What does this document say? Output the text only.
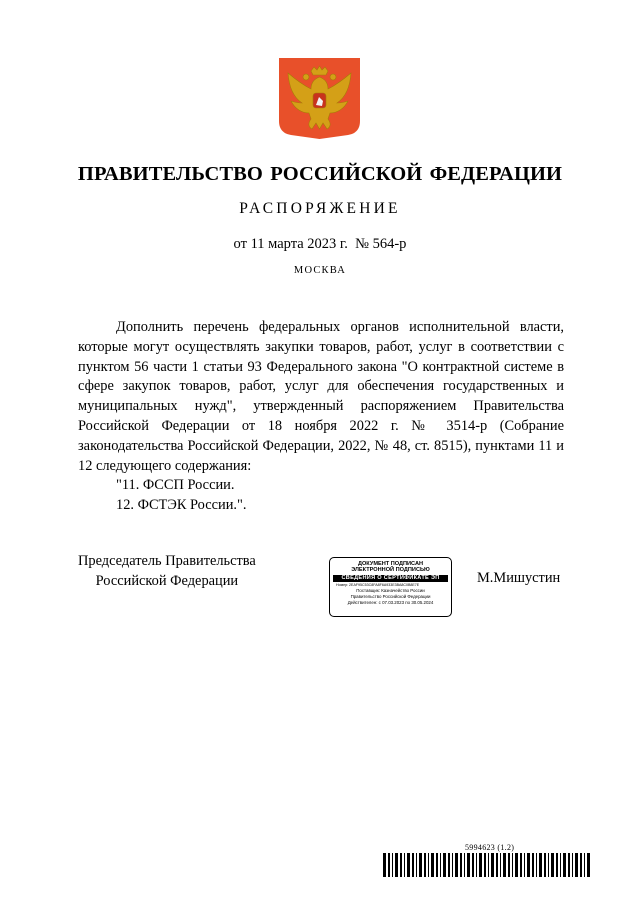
ПРАВИТЕЛЬСТВО РОССИЙСКОЙ ФЕДЕРАЦИИ
РАСПОРЯЖЕНИЕ
от 11 марта 2023 г. № 564-р
МОСКВА

Дополнить перечень федеральных органов исполнительной власти, которые могут осуществлять закупки товаров, работ, услуг в соответствии с пунктом 56 части 1 статьи 93 Федерального закона "О контрактной системе в сфере закупок товаров, работ, услуг для обеспечения государственных и муниципальных нужд", утвержденный распоряжением Правительства Российской Федерации от 18 ноября 2022 г. № 3514-р (Собрание законодательства Российской Федерации, 2022, № 48, ст. 8515), пунктами 11 и 12 следующего содержания:

"11. ФССП России.
12. ФСТЭК России.".
Председатель Правительства
Российской Федерации
ДОКУМЕНТ ПОДПИСАН
ЭЛЕКТРОННОЙ ПОДПИСЬЮ
СВЕДЕНИЯ О СЕРТИФИКАТЕ ЭП
Номер: 2EAF95C53C8FA8F6A933E3BA8C0B8E7E
Поставщик: Казначейство России
Правительство Российской Федерации
Действителен: с 07.03.2023 по 30.05.2024
М.Мишустин
5994623 (1.2)
